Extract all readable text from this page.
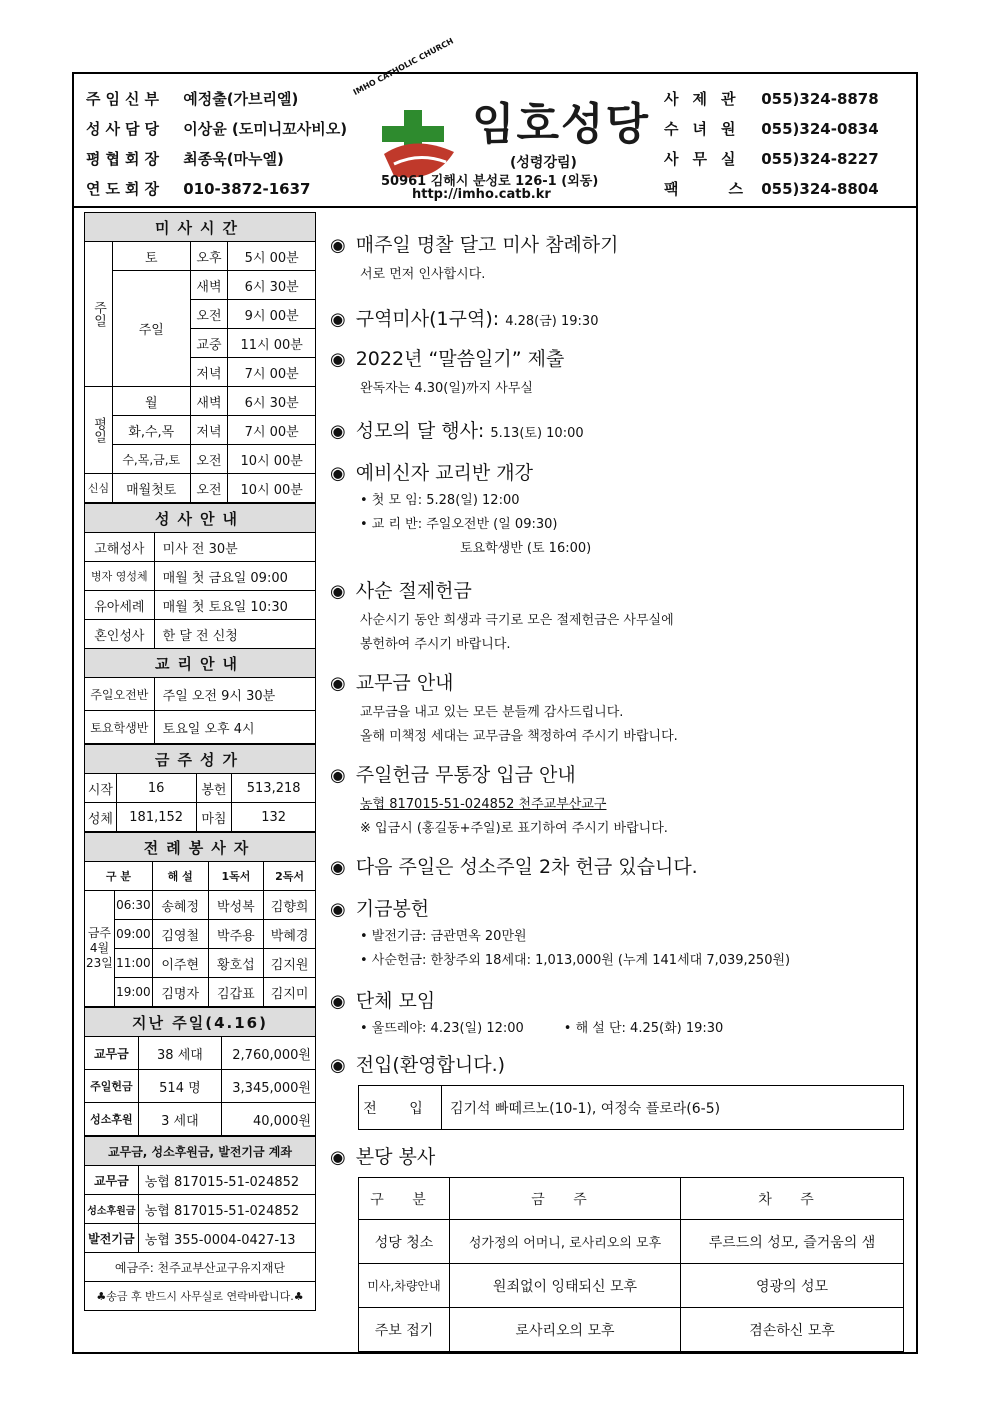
주임신부 예정출(가브리엘)
성사담당 이상윤 (도미니꼬사비오)
평협회장 최종욱(마누엘)
연도회장 010-3872-1637
IMHO CATHOLIC CHURCH
임호성당
(성령강림)
50961 김해시 분성로 126-1 (외동)
http://imho.catb.kr
사제관 055)324-8878
수녀원 055)324-0834
사무실 055)324-8227
팩스 055)324-8804
미사시간			
주일	토	오후	5시 00분
	주일	새벽	6시 30분
		오전	9시 00분
		교중	11시 00분
		저녁	7시 00분
평일	월	새벽	6시 30분
	화,수,목	저녁	7시 00분
	수,목,금,토	오전	10시 00분
신심	매월첫토	오전	10시 00분
성사안내	
고해성사	미사 전 30분
병자 영성체	매월 첫 금요일 09:00
유아세례	매월 첫 토요일 10:30
혼인성사	한 달 전 신청
교리안내	
주일오전반	주일 오전 9시 30분
토요학생반	토요일 오후 4시
금주성가			
시작	16	봉헌	513,218
성체	181,152	마침	132
전례봉사자				
구 분		해 설	1독서	2독서
금주 4월 23일	06:30	송혜정	박성복	김향희
	09:00	김영철	박주용	박혜경
	11:00	이주현	황호섭	김지원
	19:00	김명자	김갑표	김지미
지난 주일(4.16)		
교무금	38 세대	2,760,000원
주일헌금	514 명	3,345,000원
성소후원	3 세대	40,000원
교무금, 성소후원금, 발전기금 계좌	
교무금	농협 817015-51-024852
성소후원금	농협 817015-51-024852
발전기금	농협 355-0004-0427-13
예금주: 천주교부산교구유지재단	
♣송금 후 반드시 사무실로 연락바랍니다.♣	
◉ 매주일 명찰 달고 미사 참례하기
서로 먼저 인사합시다.
◉ 구역미사(1구역): 4.28(금) 19:30
◉ 2022년 “말씀일기” 제출
완독자는 4.30(일)까지 사무실
◉ 성모의 달 행사: 5.13(토) 10:00
◉ 예비신자 교리반 개강
• 첫 모 임: 5.28(일) 12:00
• 교 리 반: 주일오전반 (일 09:30)
토요학생반 (토 16:00)
◉ 사순 절제헌금
사순시기 동안 희생과 극기로 모은 절제헌금은 사무실에
봉헌하여 주시기 바랍니다.
◉ 교무금 안내
교무금을 내고 있는 모든 분들께 감사드립니다.
올해 미책정 세대는 교무금을 책정하여 주시기 바랍니다.
◉ 주일헌금 무통장 입금 안내
농협 817015-51-024852 천주교부산교구
※ 입금시 (홍길동+주일)로 표기하여 주시기 바랍니다.
◉ 다음 주일은 성소주일 2차 헌금 있습니다.
◉ 기금봉헌
• 발전기금: 금관면옥 20만원
• 사순헌금: 한창주외 18세대: 1,013,000원 (누계 141세대 7,039,250원)
◉ 단체 모임
• 울뜨레야: 4.23(일) 12:00	• 해 설 단: 4.25(화) 19:30
◉ 전입(환영합니다.)
전 입	김기석 빠떼르노(10-1), 여정숙 플로라(6-5)
◉ 본당 봉사
구 분	금 주	차 주
성당 청소	성가정의 어머니, 로사리오의 모후	루르드의 성모, 즐거움의 샘
미사,차량안내	원죄없이 잉태되신 모후	영광의 성모
주보 접기	로사리오의 모후	겸손하신 모후
